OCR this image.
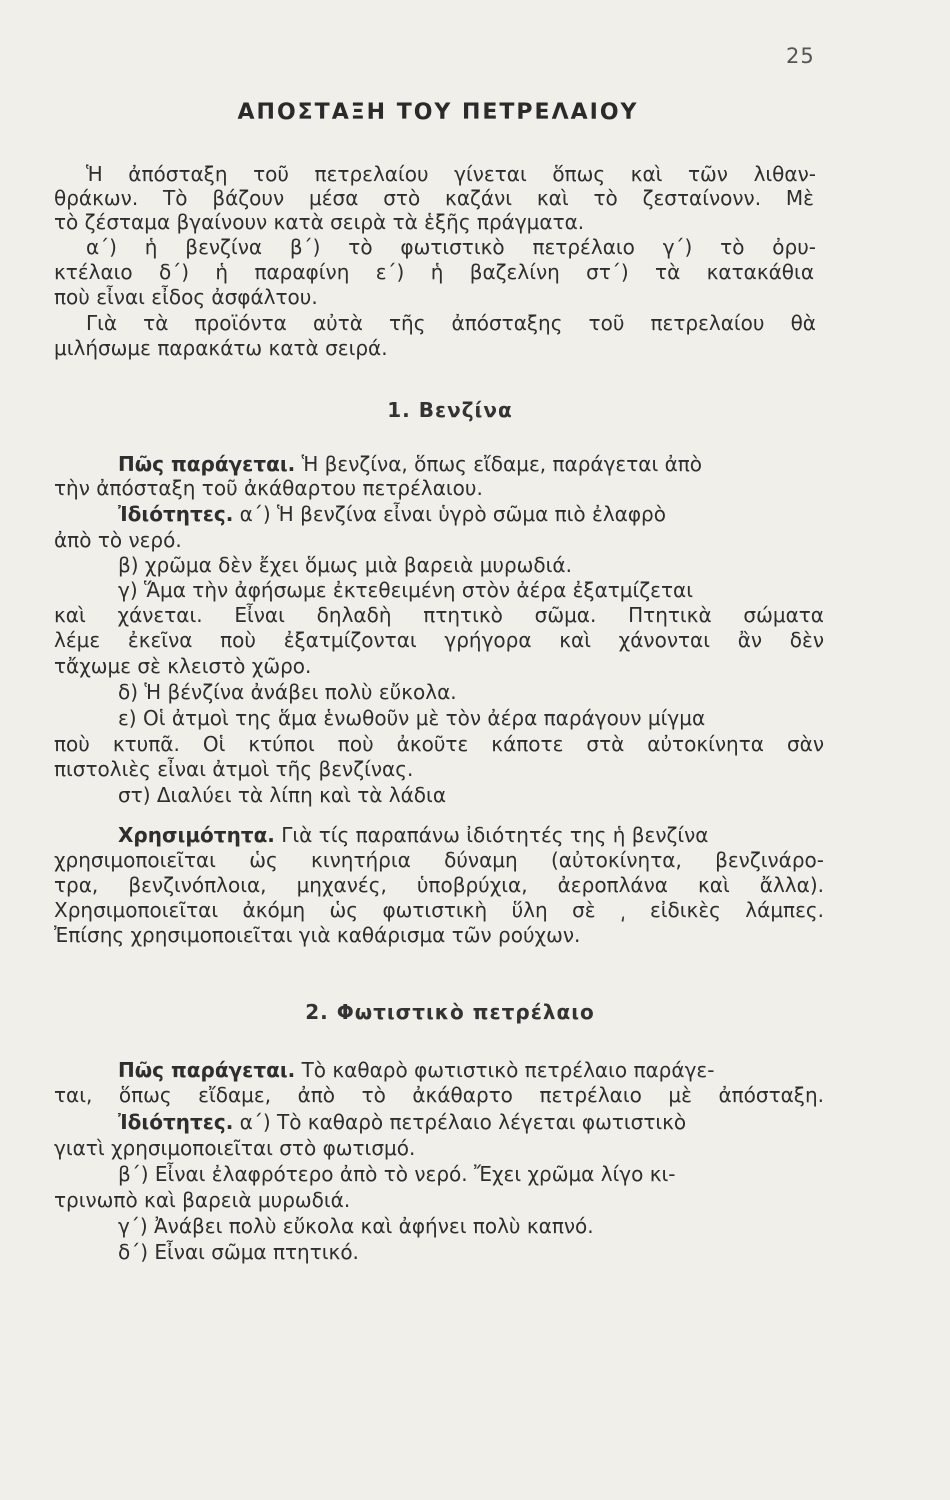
25
ΑΠΟΣΤΑΞΗ ΤΟΥ ΠΕΤΡΕΛΑΙΟΥ

Ἡ ἀπόσταξη τοῦ πετρελαίου γίνεται ὅπως καὶ τῶν λιθαν-

θράκων. Τὸ βάζουν μέσα στὸ καζάνι καὶ τὸ ζεσταίνονν. Μὲ

τὸ ζέσταμα βγαίνουν κατὰ σειρὰ τὰ ἑξῆς πράγματα.

α΄) ἡ βενζίνα β΄) τὸ φωτιστικὸ πετρέλαιο γ΄) τὸ ὀρυ-

κτέλαιο δ΄) ἡ παραφίνη ε΄) ἡ βαζελίνη στ΄) τὰ κατακάθια

ποὺ εἶναι εἶδος ἀσφάλτου.

Γιὰ τὰ προϊόντα αὐτὰ τῆς ἀπόσταξης τοῦ πετρελαίου θὰ

μιλήσωμε παρακάτω κατὰ σειρά.

1. Βενζίνα

Πῶς παράγεται. Ἡ βενζίνα, ὅπως εἴδαμε, παράγεται ἀπὸ

τὴν ἀπόσταξη τοῦ ἀκάθαρτου πετρέλαιου.

Ἰδιότητες. α΄) Ἡ βενζίνα εἶναι ὑγρὸ σῶμα πιὸ ἐλαφρὸ

ἀπὸ τὸ νερό.

β) χρῶμα δὲν ἔχει ὅμως μιὰ βαρειὰ μυρωδιά.

γ) Ἅμα τὴν ἀφήσωμε ἐκτεθειμένη στὸν ἀέρα ἐξατμίζεται

καὶ χάνεται. Εἶναι δηλαδὴ πτητικὸ σῶμα. Πτητικὰ σώματα

λέμε ἐκεῖνα ποὺ ἐξατμίζονται γρήγορα καὶ χάνονται ἂν δὲν

τἄχωμε σὲ κλειστὸ χῶρο.

δ) Ἡ βένζίνα ἀνάβει πολὺ εὔκολα.

ε) Οἱ ἀτμοὶ της ἅμα ἑνωθοῦν μὲ τὸν ἀέρα παράγουν μίγμα

ποὺ κτυπᾶ. Οἱ κτύποι ποὺ ἀκοῦτε κάποτε στὰ αὐτοκίνητα σὰν

πιστολιὲς εἶναι ἀτμοὶ τῆς βενζίνας.

στ) Διαλύει τὰ λίπη καὶ τὰ λάδια

Χρησιμότητα. Γιὰ τίς παραπάνω ἰδιότητές της ἡ βενζίνα

χρησιμοποιεῖται ὡς κινητήρια δύναμη (αὐτοκίνητα, βενζινάρο-

τρα, βενζινόπλοια, μηχανές, ὑποβρύχια, ἀεροπλάνα καὶ ἄλλα).

Χρησιμοποιεῖται ἀκόμη ὡς φωτιστικὴ ὕλη σὲ ͵ εἰδικὲς λάμπες.

Ἐπίσης χρησιμοποιεῖται γιὰ καθάρισμα τῶν ρούχων.

2. Φωτιστικὸ πετρέλαιο

Πῶς παράγεται. Τὸ καθαρὸ φωτιστικὸ πετρέλαιο παράγε-

ται, ὅπως εἴδαμε, ἀπὸ τὸ ἀκάθαρτο πετρέλαιο μὲ ἀπόσταξη.

Ἰδιότητες. α΄) Τὸ καθαρὸ πετρέλαιο λέγεται φωτιστικὸ

γιατὶ χρησιμοποιεῖται στὸ φωτισμό.

β΄) Εἶναι ἐλαφρότερο ἀπὸ τὸ νερό. Ἔχει χρῶμα λίγο κι-

τρινωπὸ καὶ βαρειὰ μυρωδιά.

γ΄) Ἀνάβει πολὺ εὔκολα καὶ ἀφήνει πολὺ καπνό.

δ΄) Εἶναι σῶμα πτητικό.
